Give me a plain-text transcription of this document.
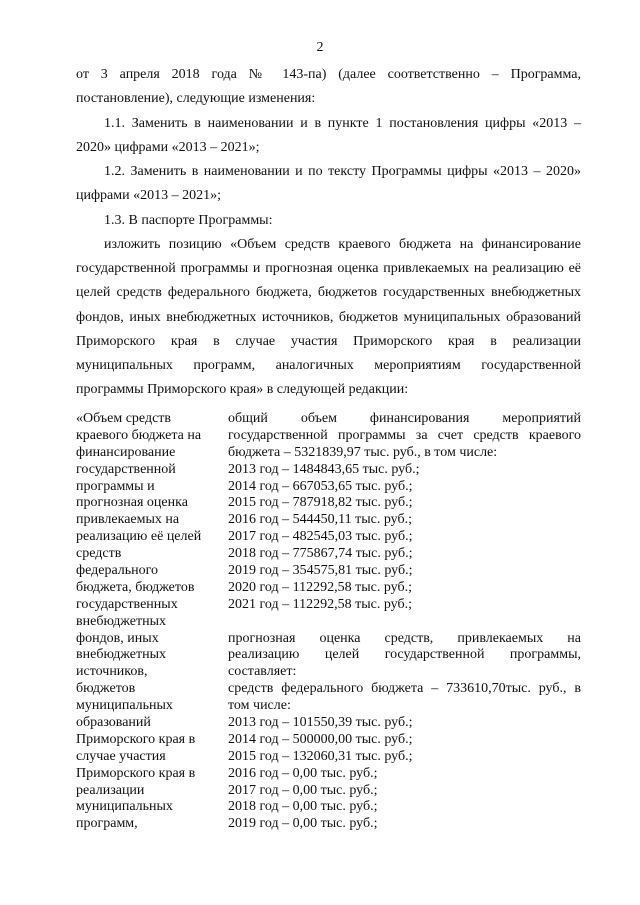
2

от 3 апреля 2018 года № 143-па) (далее соответственно – Программа, постановление), следующие изменения:

1.1. Заменить в наименовании и в пункте 1 постановления цифры «2013 – 2020» цифрами «2013 – 2021»;

1.2. Заменить в наименовании и по тексту Программы цифры «2013 – 2020» цифрами «2013 – 2021»;

1.3. В паспорте Программы:

изложить позицию «Объем средств краевого бюджета на финансирование государственной программы и прогнозная оценка привлекаемых на реализацию её целей средств федерального бюджета, бюджетов государственных внебюджетных фондов, иных внебюджетных источников, бюджетов муниципальных образований Приморского края в случае участия Приморского края в реализации муниципальных программ, аналогичных мероприятиям государственной программы Приморского края» в следующей редакции:

«Объем средств	общий объем финансирования мероприятий
краевого бюджета на	государственной программы за счет средств краевого
финансирование	бюджета – 5321839,97 тыс. руб., в том числе:
государственной	2013 год – 1484843,65 тыс. руб.;
программы и	2014 год – 667053,65 тыс. руб.;
прогнозная оценка	2015 год – 787918,82 тыс. руб.;
привлекаемых на	2016 год – 544450,11 тыс. руб.;
реализацию её целей	2017 год – 482545,03 тыс. руб.;
средств	2018 год – 775867,74 тыс. руб.;
федерального	2019 год – 354575,81 тыс. руб.;
бюджета, бюджетов	2020 год – 112292,58 тыс. руб.;
государственных	2021 год – 112292,58 тыс. руб.;
внебюджетных
фондов, иных	прогнозная оценка средств, привлекаемых на
внебюджетных	реализацию целей государственной программы,
источников,	составляет:
бюджетов	средств федерального бюджета – 733610,70тыс. руб., в
муниципальных	том числе:
образований	2013 год – 101550,39 тыс. руб.;
Приморского края в	2014 год – 500000,00 тыс. руб.;
случае участия	2015 год – 132060,31 тыс. руб.;
Приморского края в	2016 год – 0,00 тыс. руб.;
реализации	2017 год – 0,00 тыс. руб.;
муниципальных	2018 год – 0,00 тыс. руб.;
программ,	2019 год – 0,00 тыс. руб.;
